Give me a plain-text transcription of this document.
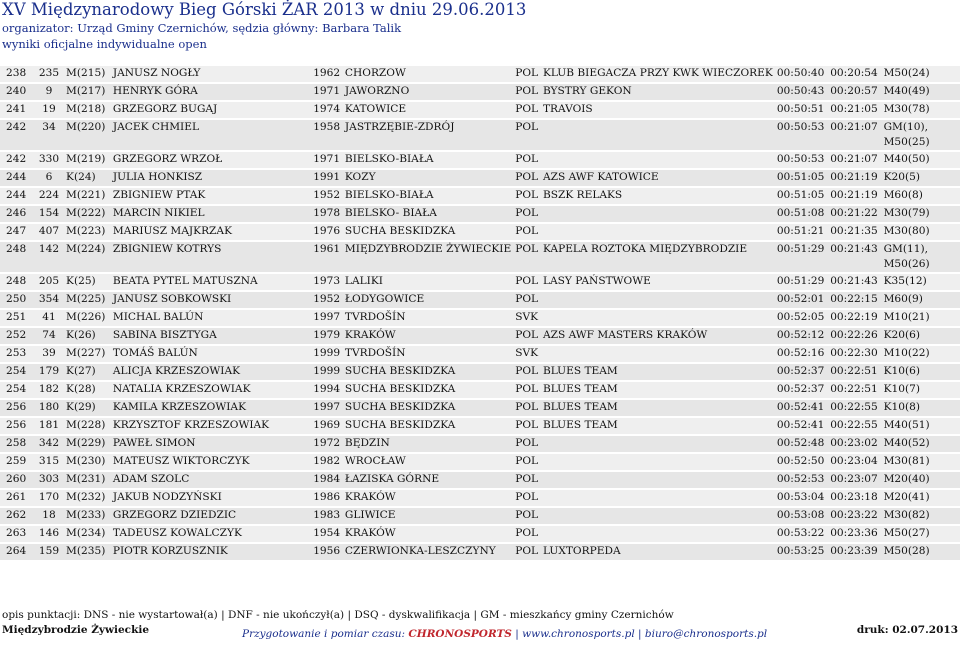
XV Międzynarodowy Bieg Górski ŻAR 2013 w dniu 29.06.2013
organizator: Urząd Gminy Czernichów, sędzia główny: Barbara Talik
wyniki oficjalne indywidualne open
238	235	M(215)	JANUSZ NOGŁY	1962	CHORZOW	POL	KLUB BIEGACZA PRZY KWK WIECZOREK	00:50:40	00:20:54	M50(24)

240	9	M(217)	HENRYK GÓRA	1971	JAWORZNO	POL	BYSTRY GEKON	00:50:43	00:20:57	M40(49)

241	19	M(218)	GRZEGORZ BUGAJ	1974	KATOWICE	POL	TRAVOIS	00:50:51	00:21:05	M30(78)

242	34	M(220)	JACEK CHMIEL	1958	JASTRZĘBIE-ZDRÓJ	POL		00:50:53	00:21:07	GM(10),
M50(25)

242	330	M(219)	GRZEGORZ WRZOŁ	1971	BIELSKO-BIAŁA	POL		00:50:53	00:21:07	M40(50)

244	6	K(24)	JULIA HONKISZ	1991	KOZY	POL	AZS AWF KATOWICE	00:51:05	00:21:19	K20(5)

244	224	M(221)	ZBIGNIEW PTAK	1952	BIELSKO-BIAŁA	POL	BSZK RELAKS	00:51:05	00:21:19	M60(8)

246	154	M(222)	MARCIN NIKIEL	1978	BIELSKO- BIAŁA	POL		00:51:08	00:21:22	M30(79)

247	407	M(223)	MARIUSZ MAJKRZAK	1976	SUCHA BESKIDZKA	POL		00:51:21	00:21:35	M30(80)

248	142	M(224)	ZBIGNIEW KOTRYS	1961	MIĘDZYBRODZIE ŻYWIECKIE	POL	KAPELA ROZTOKA MIĘDZYBRODZIE	00:51:29	00:21:43	GM(11),
M50(26)

248	205	K(25)	BEATA PYTEL MATUSZNA	1973	LALIKI	POL	LASY PAŃSTWOWE	00:51:29	00:21:43	K35(12)

250	354	M(225)	JANUSZ SOBKOWSKI	1952	ŁODYGOWICE	POL		00:52:01	00:22:15	M60(9)

251	41	M(226)	MICHAL BALÚN	1997	TVRDOŠÍN	SVK		00:52:05	00:22:19	M10(21)

252	74	K(26)	SABINA BISZTYGA	1979	KRAKÓW	POL	AZS AWF MASTERS KRAKÓW	00:52:12	00:22:26	K20(6)

253	39	M(227)	TOMÁŠ BALÚN	1999	TVRDOŠÍN	SVK		00:52:16	00:22:30	M10(22)

254	179	K(27)	ALICJA KRZESZOWIAK	1999	SUCHA BESKIDZKA	POL	BLUES TEAM	00:52:37	00:22:51	K10(6)

254	182	K(28)	NATALIA KRZESZOWIAK	1994	SUCHA BESKIDZKA	POL	BLUES TEAM	00:52:37	00:22:51	K10(7)

256	180	K(29)	KAMILA KRZESZOWIAK	1997	SUCHA BESKIDZKA	POL	BLUES TEAM	00:52:41	00:22:55	K10(8)

256	181	M(228)	KRZYSZTOF KRZESZOWIAK	1969	SUCHA BESKIDZKA	POL	BLUES TEAM	00:52:41	00:22:55	M40(51)

258	342	M(229)	PAWEŁ SIMON	1972	BĘDZIN	POL		00:52:48	00:23:02	M40(52)

259	315	M(230)	MATEUSZ WIKTORCZYK	1982	WROCŁAW	POL		00:52:50	00:23:04	M30(81)

260	303	M(231)	ADAM SZOLC	1984	ŁAZISKA GÓRNE	POL		00:52:53	00:23:07	M20(40)

261	170	M(232)	JAKUB NODZYŃSKI	1986	KRAKÓW	POL		00:53:04	00:23:18	M20(41)

262	18	M(233)	GRZEGORZ DZIEDZIC	1983	GLIWICE	POL		00:53:08	00:23:22	M30(82)

263	146	M(234)	TADEUSZ KOWALCZYK	1954	KRAKÓW	POL		00:53:22	00:23:36	M50(27)

264	159	M(235)	PIOTR KORZUSZNIK	1956	CZERWIONKA-LESZCZYNY	POL	LUXTORPEDA	00:53:25	00:23:39	M50(28)
opis punktacji: DNS - nie wystartował(a) | DNF - nie ukończył(a) | DSQ - dyskwalifikacja | GM - mieszkańcy gminy Czernichów
Międzybrodzie Żywieckie	Przygotowanie i pomiar czasu: CHRONOSPORTS | www.chronosports.pl | biuro@chronosports.pl	druk: 02.07.2013
